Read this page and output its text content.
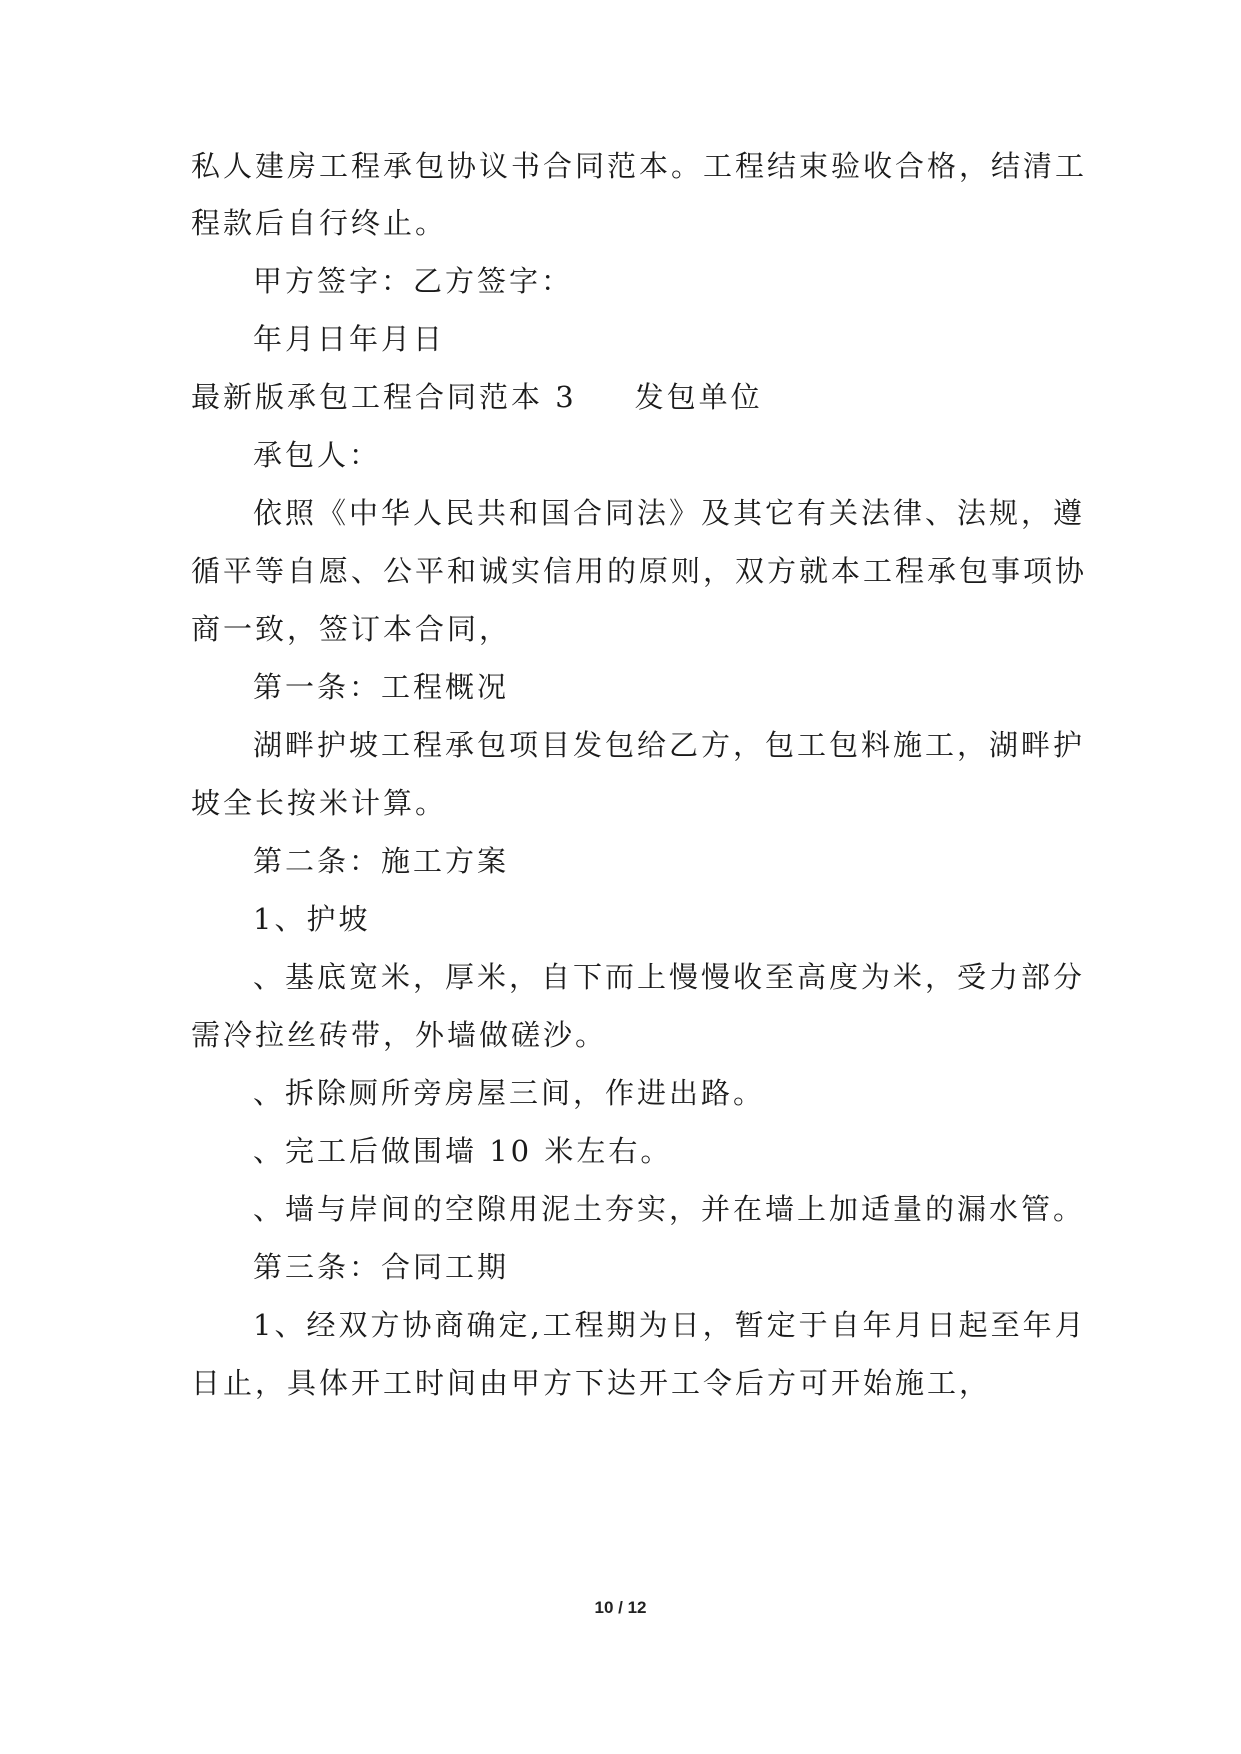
私人建房工程承包协议书合同范本。工程结束验收合格，结清工
程款后自行终止。
甲方签字：乙方签字：
年月日年月日
最新版承包工程合同范本 3 发包单位
承包人：
依照《中华人民共和国合同法》及其它有关法律、法规，遵
循平等自愿、公平和诚实信用的原则，双方就本工程承包事项协
商一致，签订本合同，
第一条：工程概况
湖畔护坡工程承包项目发包给乙方，包工包料施工，湖畔护
坡全长按米计算。
第二条：施工方案
1、护坡
、基底宽米，厚米，自下而上慢慢收至高度为米，受力部分
需冷拉丝砖带，外墙做磋沙。
、拆除厕所旁房屋三间，作进出路。
、完工后做围墙 10 米左右。
、墙与岸间的空隙用泥土夯实，并在墙上加适量的漏水管。
第三条：合同工期
1、经双方协商确定,工程期为日，暂定于自年月日起至年月
日止，具体开工时间由甲方下达开工令后方可开始施工，
10 / 12
